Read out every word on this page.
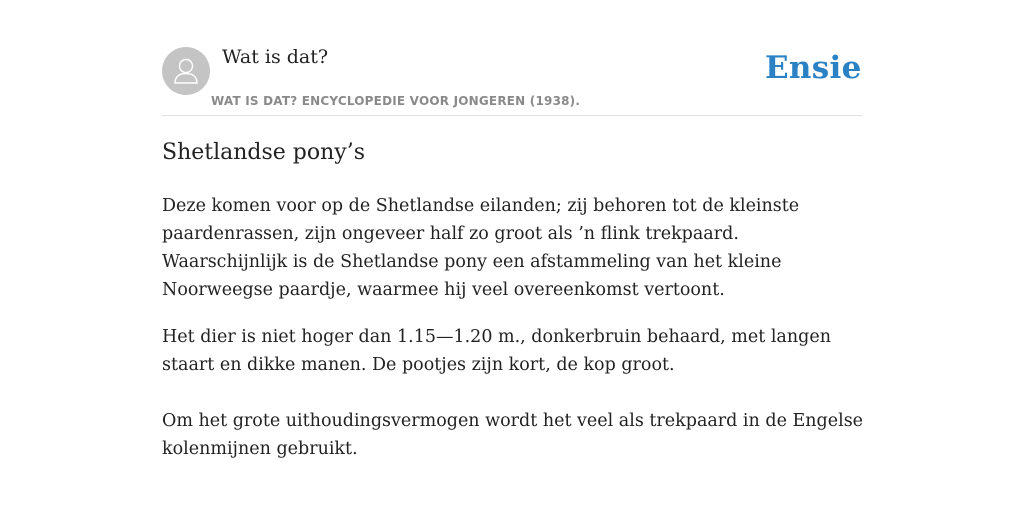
Wat is dat?
WAT IS DAT? ENCYCLOPEDIE VOOR JONGEREN (1938).
Ensie
Shetlandse pony’s

Deze komen voor op de Shetlandse eilanden; zij behoren tot de kleinste paardenrassen, zijn ongeveer half zo groot als ’n flink trekpaard. Waarschijnlijk is de Shetlandse pony een afstammeling van het kleine Noorweegse paardje, waarmee hij veel overeenkomst vertoont.

Het dier is niet hoger dan 1.15—1.20 m., donkerbruin behaard, met langen staart en dikke manen. De pootjes zijn kort, de kop groot.

Om het grote uithoudingsvermogen wordt het veel als trekpaard in de Engelse kolenmijnen gebruikt.
